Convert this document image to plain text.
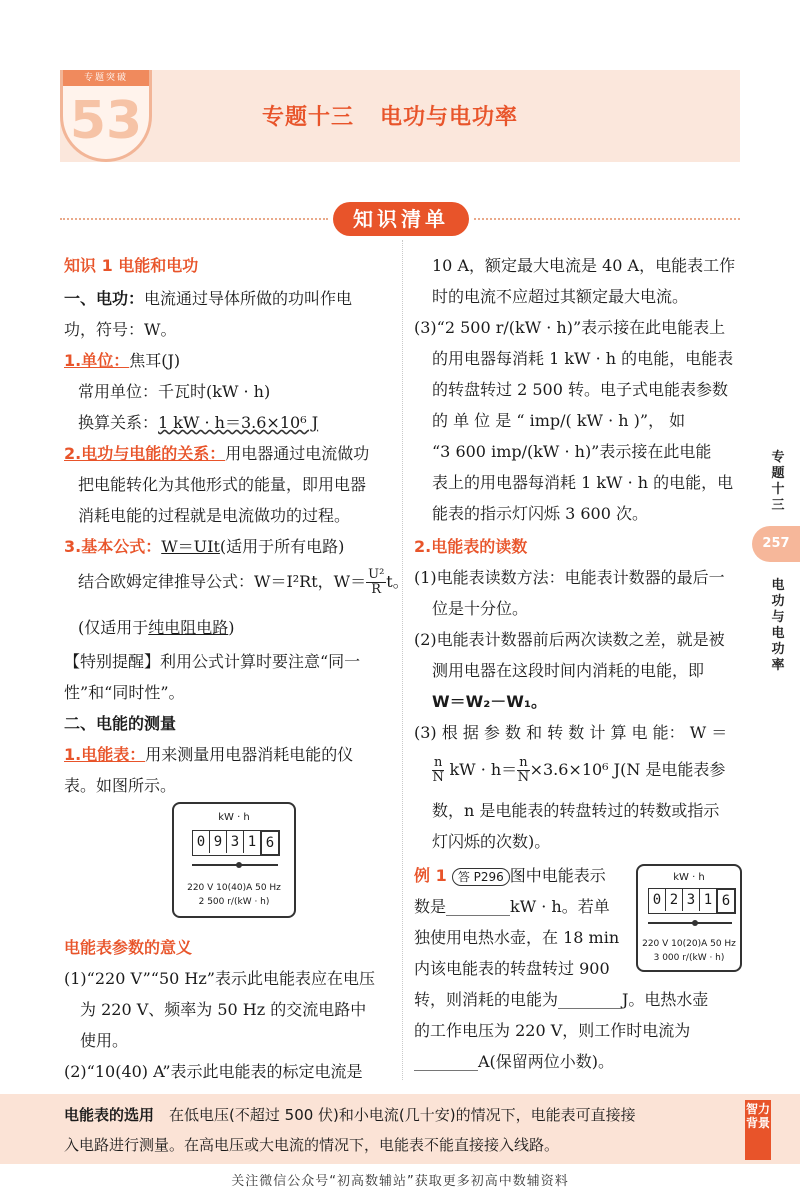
专题突破
53	专题十三   电功与电功率
知识清单
知识 1 电能和电功
一、电功：电流通过导体所做的功叫作电
功，符号：W。
1.单位：焦耳(J)
常用单位：千瓦时(kW · h)
换算关系：1 kW · h＝3.6×10⁶ J
2.电功与电能的关系：用电器通过电流做功
把电能转化为其他形式的能量，即用电器
消耗电能的过程就是电流做功的过程。
3.基本公式：W＝UIt(适用于所有电路)
结合欧姆定律推导公式：W＝I²Rt，$W= \frac{\text{U²}}{R}$ t。
(仅适用于纯电阻电路)
【特别提醒】利用公式计算时要注意“同一
性”和“同时性”。
二、电能的测量
1.电能表：用来测量用电器消耗电能的仪
表。如图所示。
电能表参数的意义
(1)“220 V”“50 Hz”表示此电能表应在电压
为 220 V、频率为 50 Hz 的交流电路中
使用。
(2)“10(40) A”表示此电能表的标定电流是
kW · h
0 9 3 1 6
220 V 10(40)A 50 Hz
2 500 r/(kW · h)
10 A，额定最大电流是 40 A，电能表工作
时的电流不应超过其额定最大电流。
(3)“2 500 r/(kW · h)”表示接在此电能表上
的用电器每消耗 1 kW · h 的电能，电能表
的转盘转过 2 500 转。电子式电能表参数
的 单 位 是 “ imp/( kW · h )”， 如
“3 600 imp/(kW · h)”表示接在此电能
表上的用电器每消耗 1 kW · h 的电能，电
能表的指示灯闪烁 3 600 次。
2.电能表的读数
(1)电能表读数方法：电能表计数器的最后一
位是十分位。
(2)电能表计数器前后两次读数之差，就是被
测用电器在这段时间内消耗的电能，即
W＝W₂－W₁。
(3) 根 据 参 数 和 转 数 计 算 电 能： W ＝
$\frac{n}{N}$ kW · $h= \frac{n}{N} \times 3.6\times 10^6$ J(N 是电能表参
数，n 是电能表的转盘转过的转数或指示
灯闪烁的次数)。
例 1 答 P296 图中电能表示
数是________kW · h。若单
独使用电热水壶，在 18 min
内该电能表的转盘转过 900
转，则消耗的电能为________J。电热水壶
的工作电压为 220 V，则工作时电流为
________A(保留两位小数)。
kW · h
0 2 3 1 6
220 V 10(20)A 50 Hz
3 000 r/(kW · h)
专题十三
257
电功与电功率
电能表的选用　 在低电压(不超过 500 伏)和小电流(几十安)的情况下，电能表可直接接
入电路进行测量。在高电压或大电流的情况下，电能表不能直接接入线路。
智力背景
关注微信公众号“初高数辅站”获取更多初高中数辅资料
